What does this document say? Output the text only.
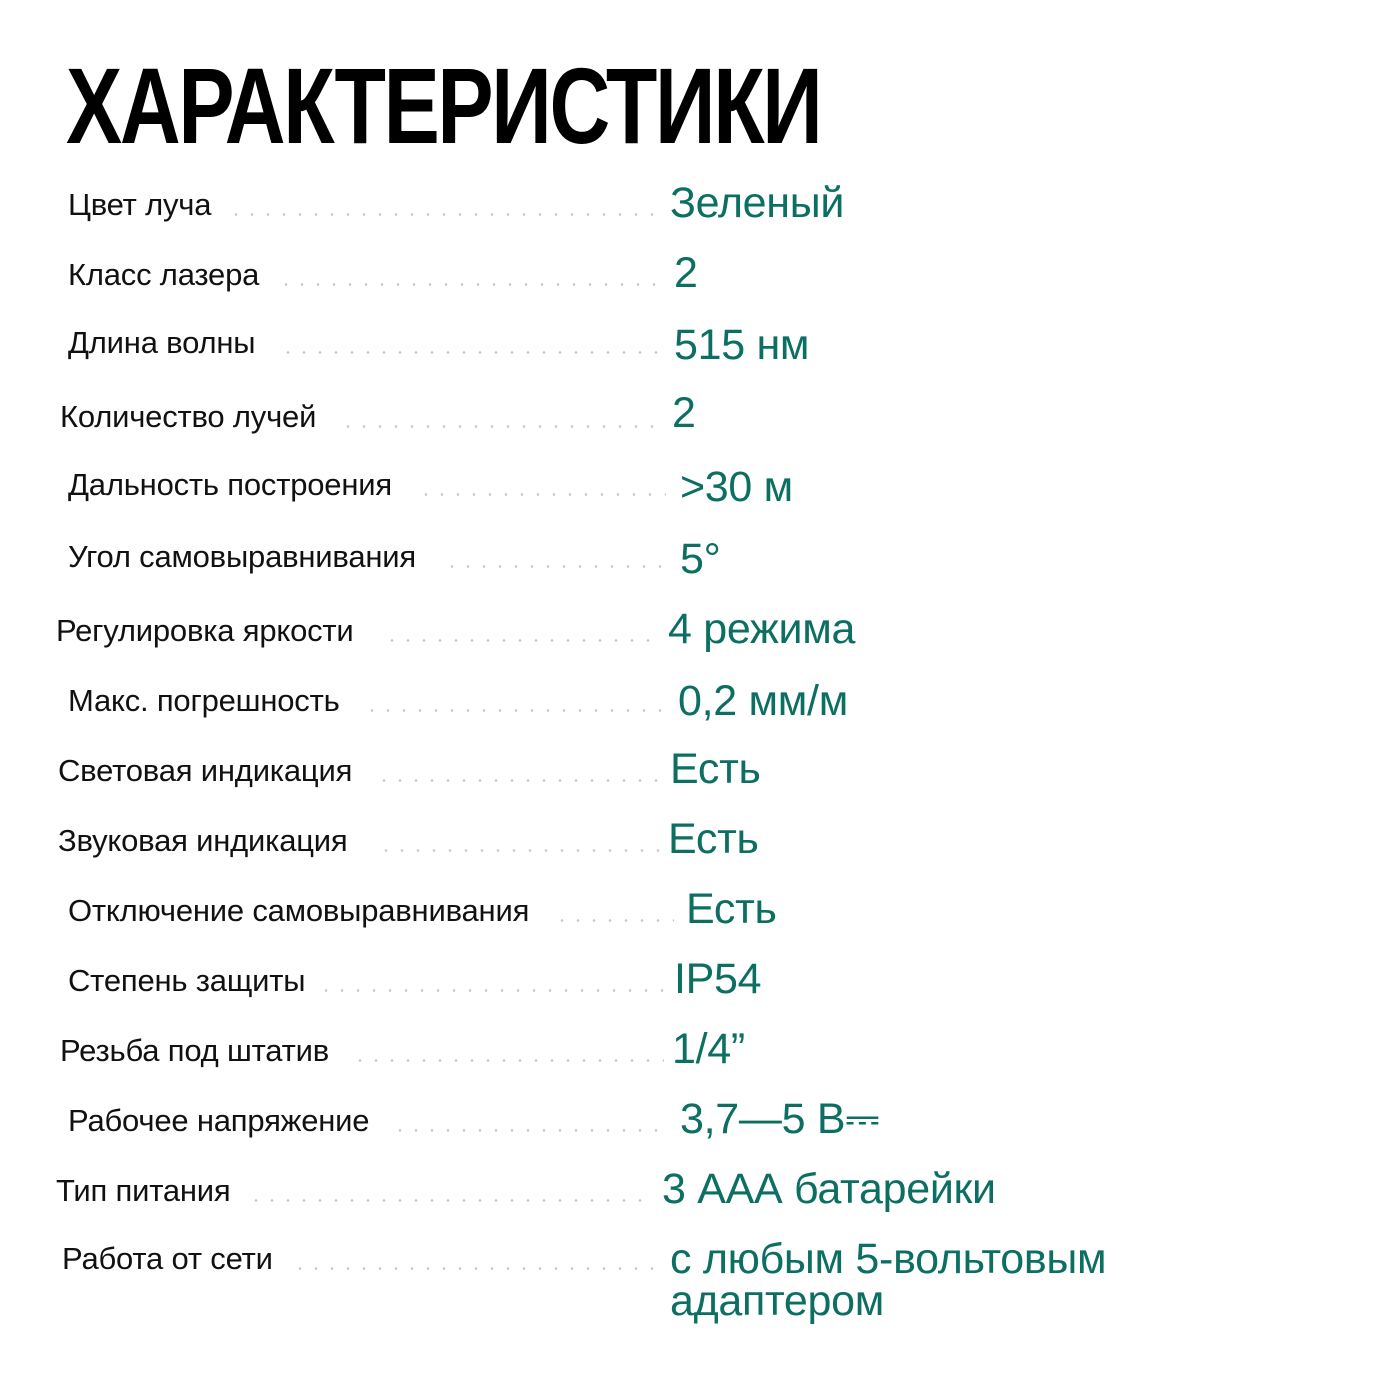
ХАРАКТЕРИСТИКИ
Цвет луча	Зеленый
Класс лазера	2
Длина волны	515 нм
Количество лучей	2
Дальность построения	>30 м
Угол самовыравнивания	5°
Регулировка яркости	4 режима
Макс. погрешность	0,2 мм/м
Световая индикация	Есть
Звуковая индикация	Есть
Отключение самовыравнивания	Есть
Степень защиты	IP54
Резьба под штатив	1/4”
Рабочее напряжение	3,7—5 В⎓
Тип питания	3 ААА батарейки
Работа от сети	с любым 5-вольтовым адаптером
